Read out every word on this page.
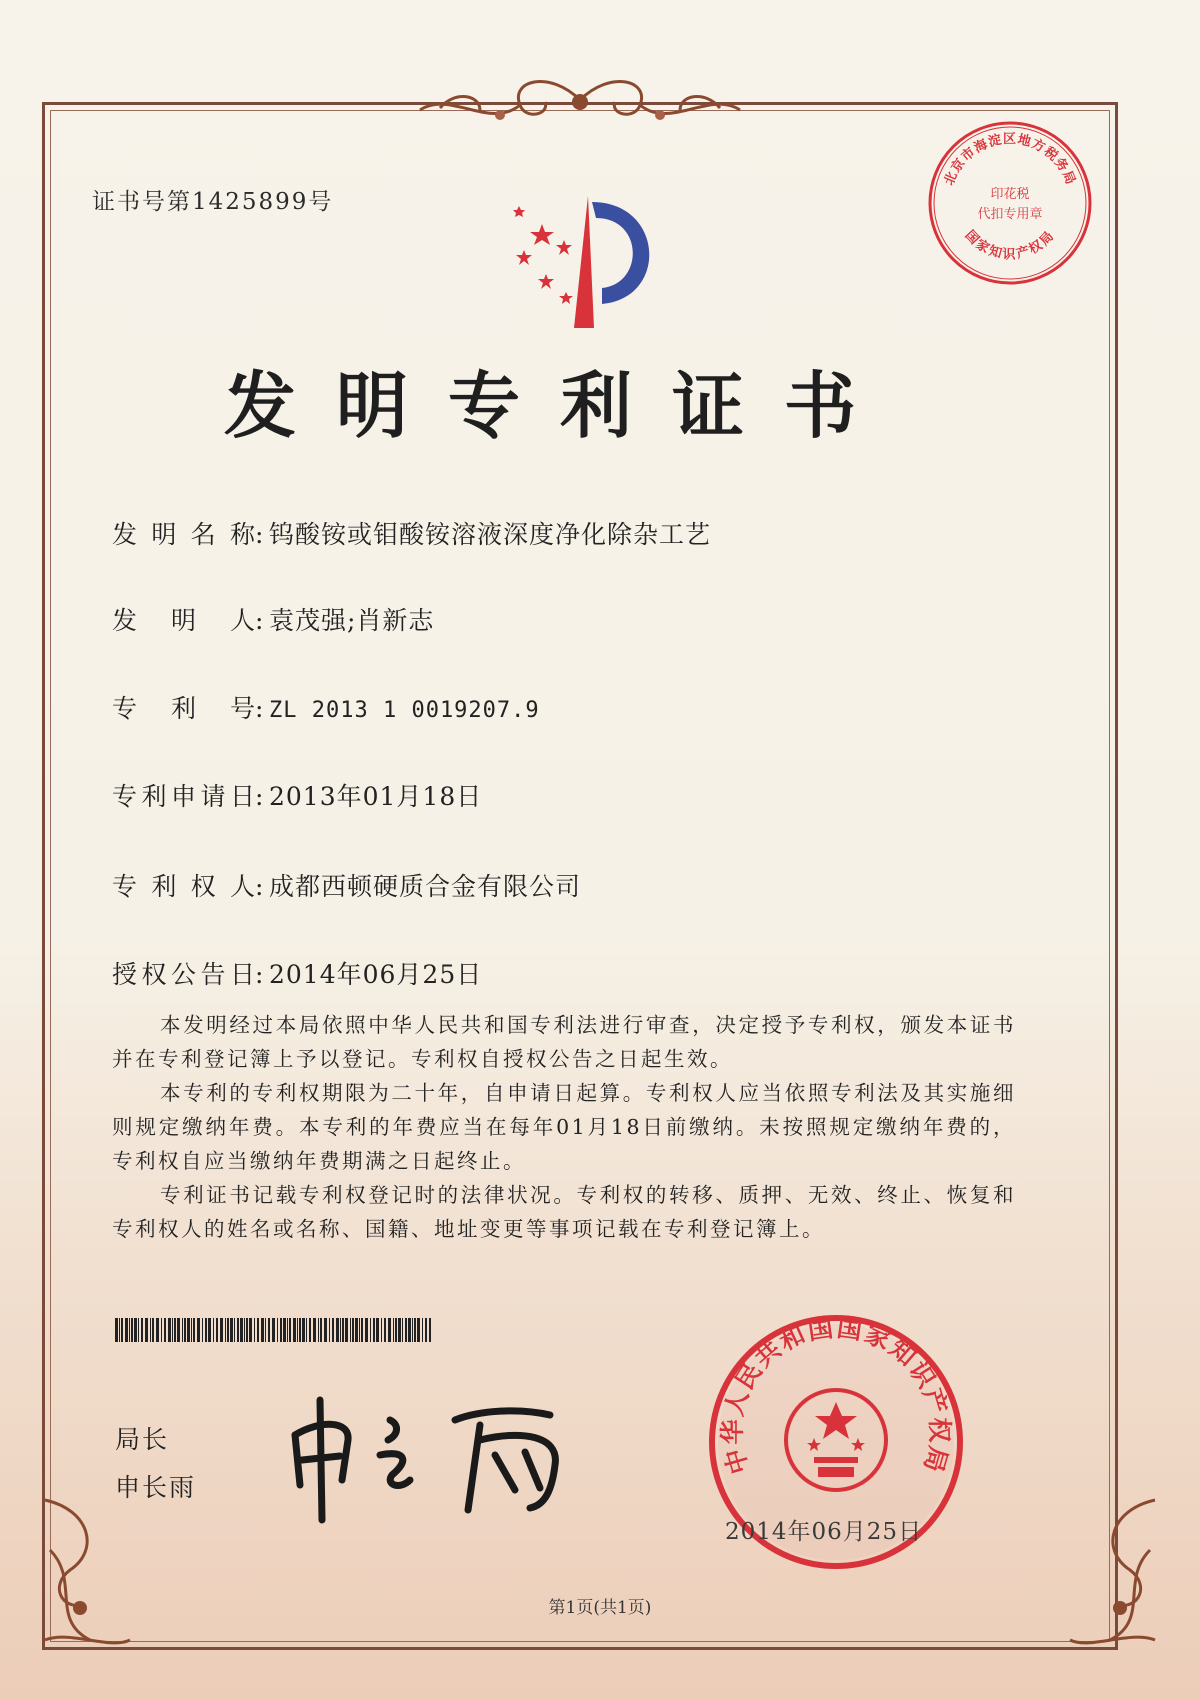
证书号第1425899号
发明专利证书
发明名称 : 钨酸铵或钼酸铵溶液深度净化除杂工艺
发明人 : 袁茂强;肖新志
专利号 : ZL 2013 1 0019207.9
专利申请日 : 2013年01月18日
专利权人 : 成都西顿硬质合金有限公司
授权公告日 : 2014年06月25日

本发明经过本局依照中华人民共和国专利法进行审查，决定授予专利权，颁发本证书并在专利登记簿上予以登记。专利权自授权公告之日起生效。

本专利的专利权期限为二十年，自申请日起算。专利权人应当依照专利法及其实施细则规定缴纳年费。本专利的年费应当在每年01月18日前缴纳。未按照规定缴纳年费的，专利权自应当缴纳年费期满之日起终止。

专利证书记载专利权登记时的法律状况。专利权的转移、质押、无效、终止、恢复和专利权人的姓名或名称、国籍、地址变更等事项记载在专利登记簿上。

局长
申长雨
北京市海淀区地方税务局
印花税
代扣专用章
国家知识产权局
中华人民共和国国家知识产权局
2014年06月25日
第1页(共1页)
